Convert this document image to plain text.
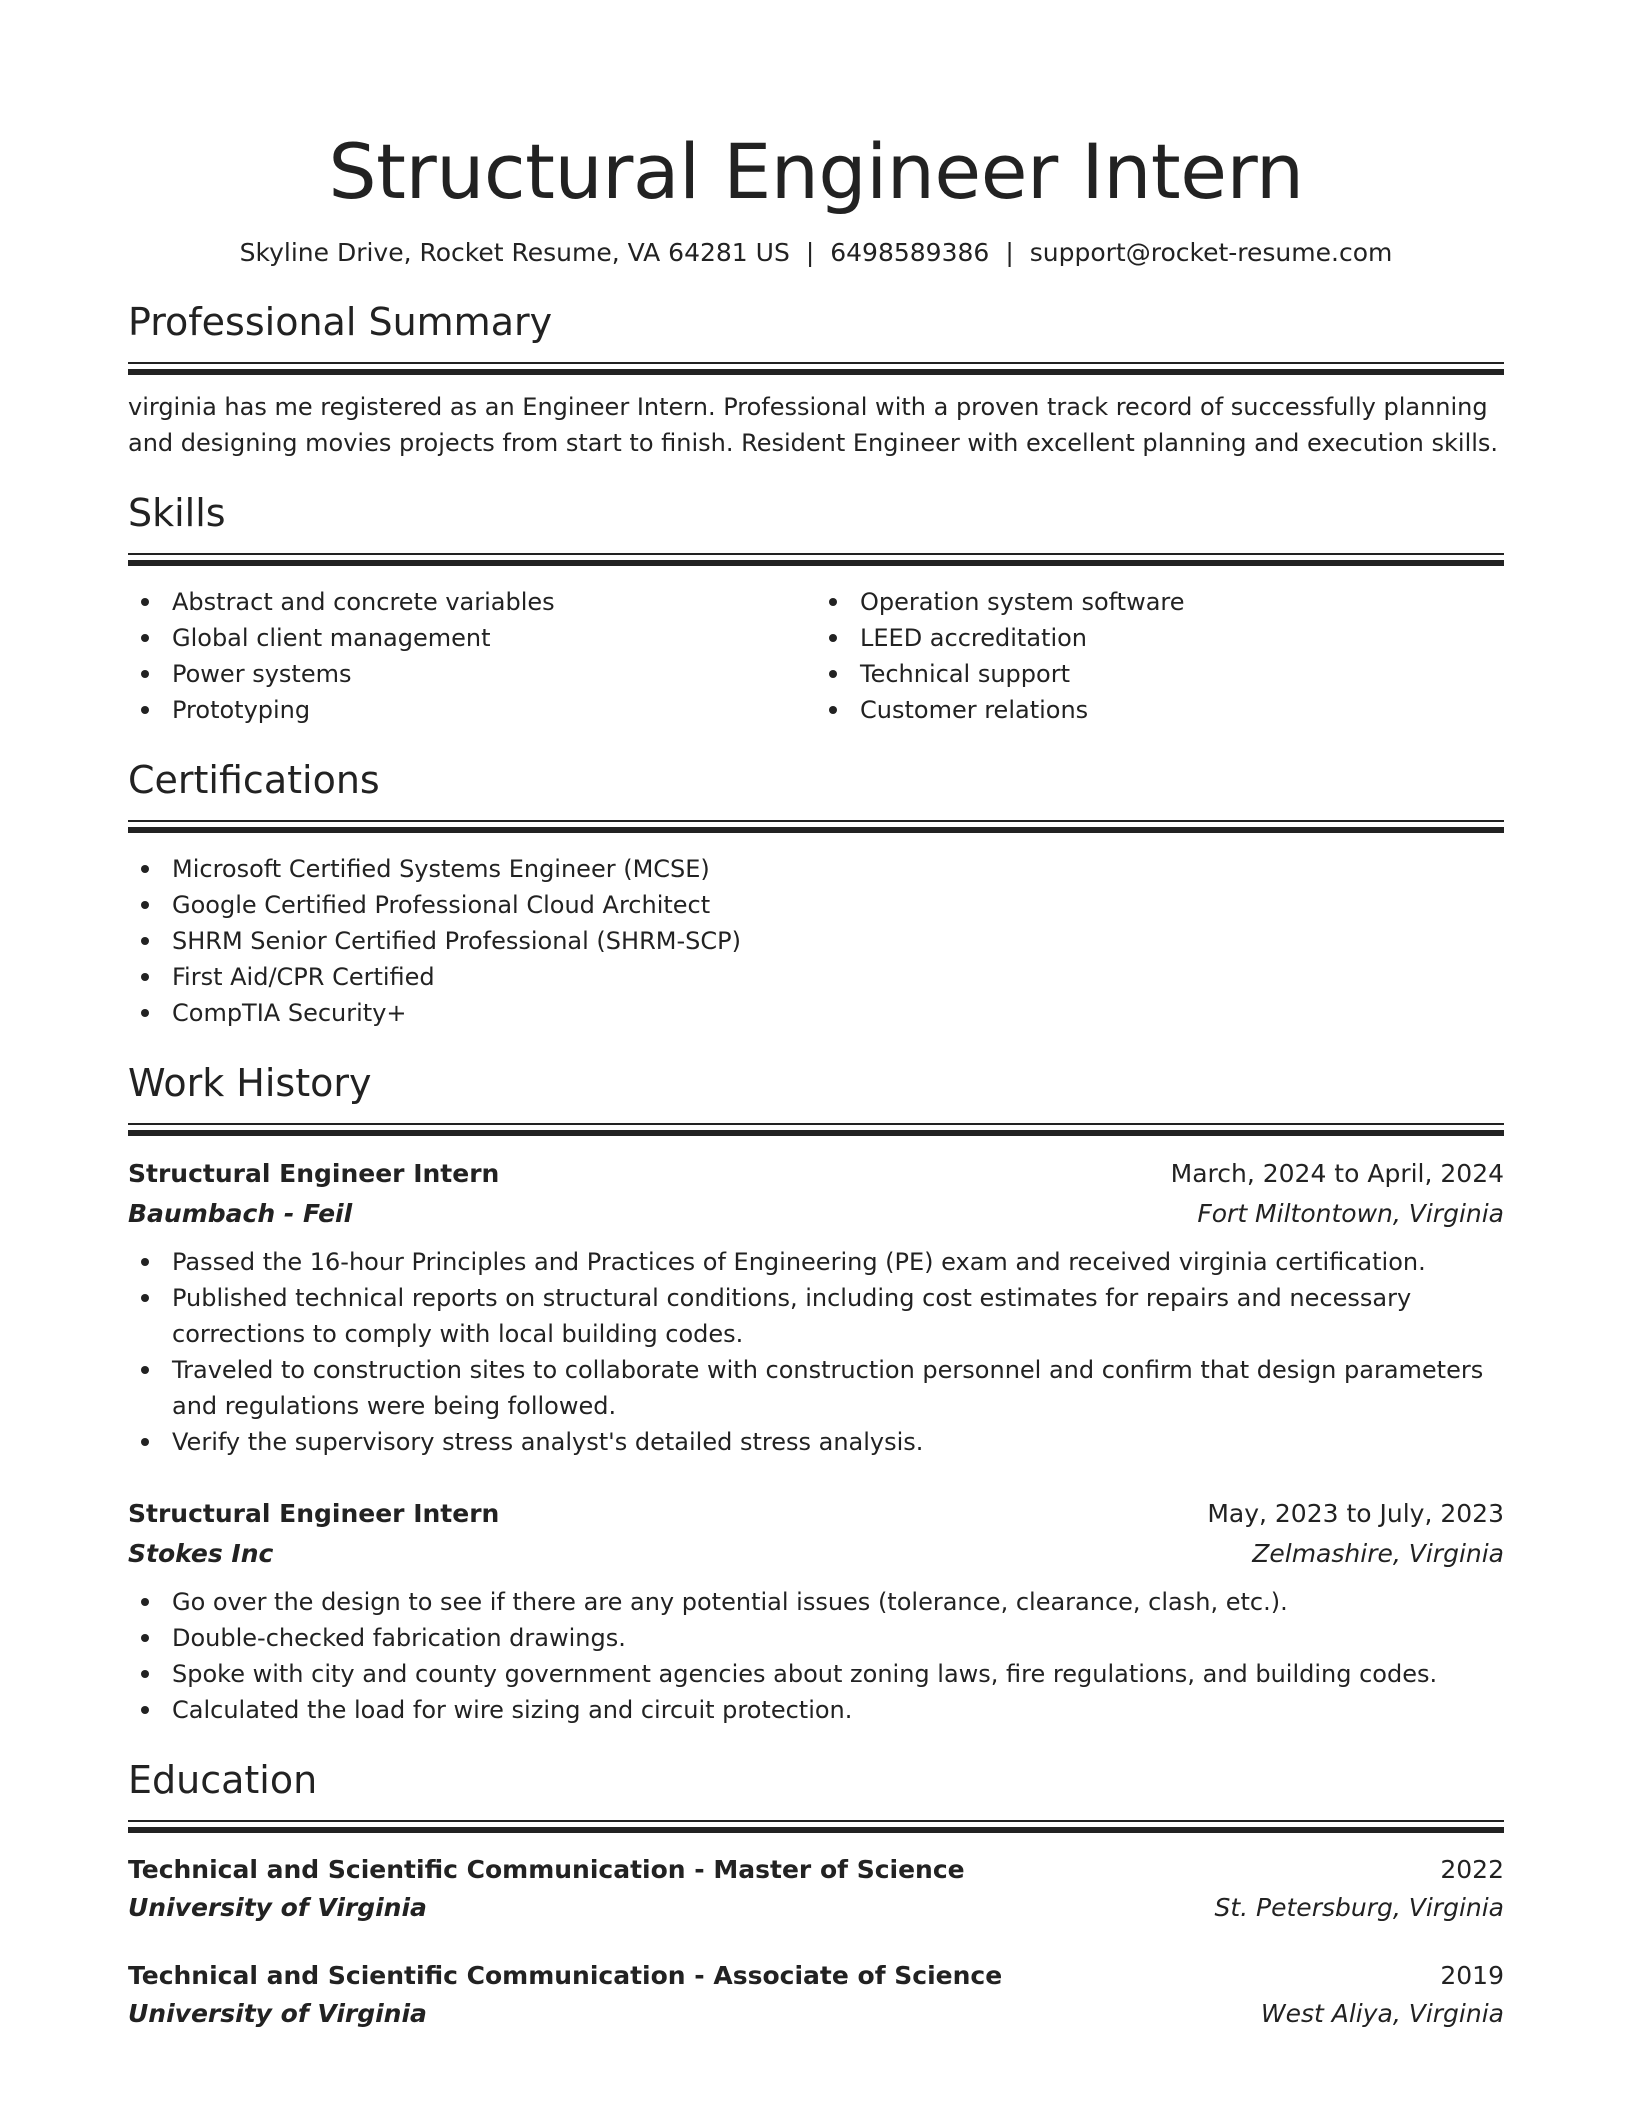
Structural Engineer Intern
Skyline Drive, Rocket Resume, VA 64281 US | 6498589386 | support@rocket-resume.com
Professional Summary

virginia has me registered as an Engineer Intern. Professional with a proven track record of successfully planning and designing movies projects from start to finish. Resident Engineer with excellent planning and execution skills.

Skills
Abstract and concrete variables
Global client management
Power systems
Prototyping
Operation system software
LEED accreditation
Technical support
Customer relations
Certifications
Microsoft Certified Systems Engineer (MCSE)
Google Certified Professional Cloud Architect
SHRM Senior Certified Professional (SHRM-SCP)
First Aid/CPR Certified
CompTIA Security+
Work History
Structural Engineer Intern	March, 2024 to April, 2024
Baumbach - Feil	Fort Miltontown, Virginia
Passed the 16-hour Principles and Practices of Engineering (PE) exam and received virginia certification.
Published technical reports on structural conditions, including cost estimates for repairs and necessary corrections to comply with local building codes.
Traveled to construction sites to collaborate with construction personnel and confirm that design parameters and regulations were being followed.
Verify the supervisory stress analyst's detailed stress analysis.
Structural Engineer Intern	May, 2023 to July, 2023
Stokes Inc	Zelmashire, Virginia
Go over the design to see if there are any potential issues (tolerance, clearance, clash, etc.).
Double-checked fabrication drawings.
Spoke with city and county government agencies about zoning laws, fire regulations, and building codes.
Calculated the load for wire sizing and circuit protection.
Education
Technical and Scientific Communication - Master of Science	2022
University of Virginia	St. Petersburg, Virginia
Technical and Scientific Communication - Associate of Science	2019
University of Virginia	West Aliya, Virginia
